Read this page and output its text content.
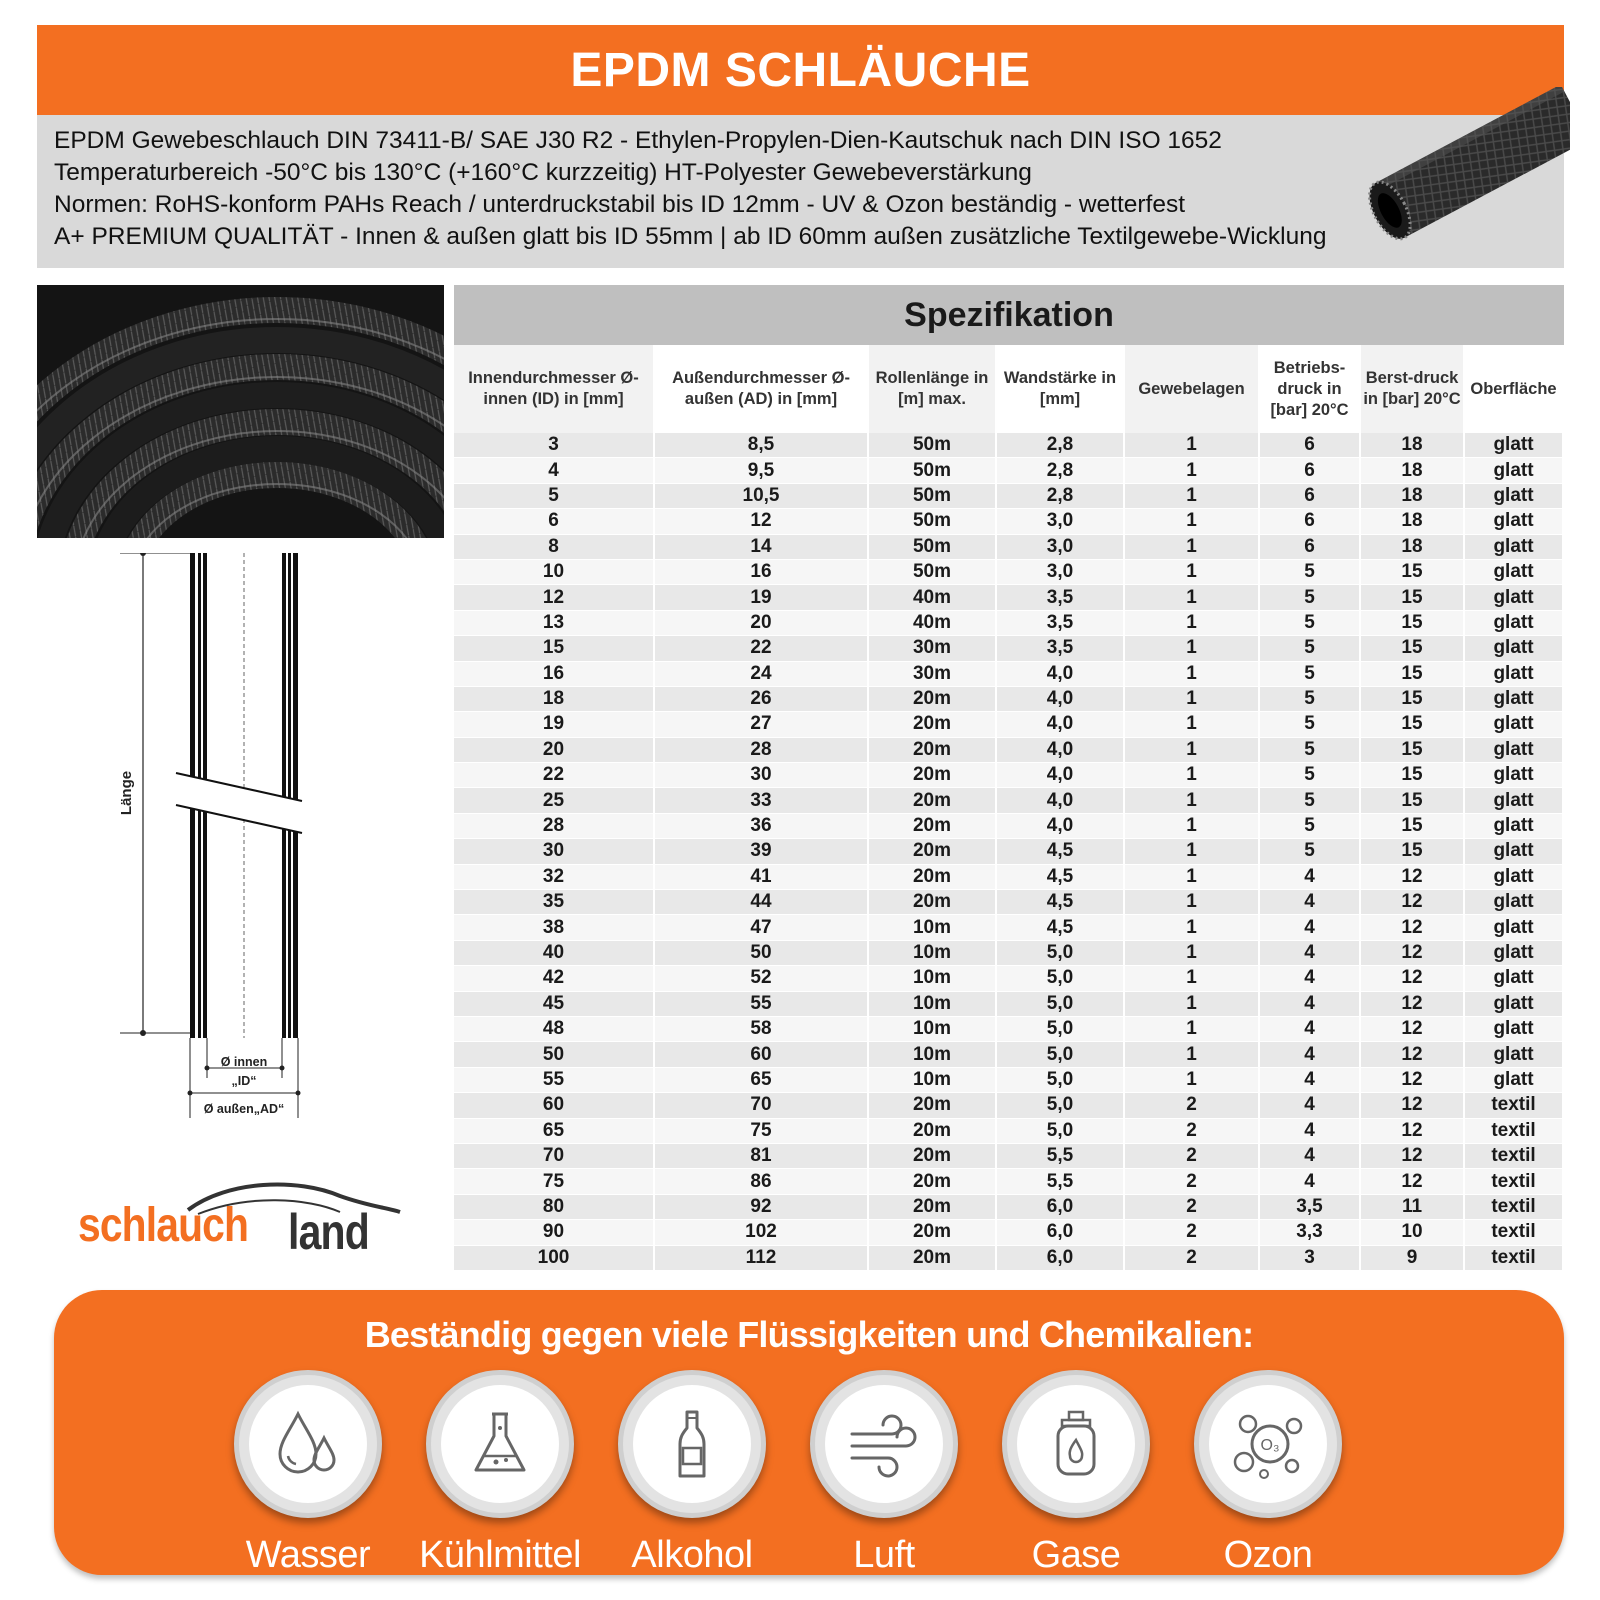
EPDM SCHLÄUCHE

EPDM Gewebeschlauch DIN 73411-B/ SAE J30 R2 - Ethylen-Propylen-Dien-Kautschuk nach DIN ISO 1652

Temperaturbereich -50°C bis 130°C (+160°C kurzzeitig) HT-Polyester Gewebeverstärkung

Normen: RoHS-konform PAHs Reach / unterdruckstabil bis ID 12mm - UV & Ozon beständig - wetterfest

A+ PREMIUM QUALITÄT - Innen & außen glatt bis ID 55mm | ab ID 60mm außen zusätzliche Textilgewebe-Wicklung

Länge
Ø innen
„ID“
Ø außen„AD“
schlauch land
Spezifikation
Innendurchmesser Ø-innen (ID) in [mm]	Außendurchmesser Ø-außen (AD) in [mm]	Rollenlänge in [m] max.	Wandstärke in [mm]	Gewebelagen	Betriebs-druck in [bar] 20°C	Berst-druck in [bar] 20°C	Oberfläche
3	8,5	50m	2,8	1	6	18	glatt
4	9,5	50m	2,8	1	6	18	glatt
5	10,5	50m	2,8	1	6	18	glatt
6	12	50m	3,0	1	6	18	glatt
8	14	50m	3,0	1	6	18	glatt
10	16	50m	3,0	1	5	15	glatt
12	19	40m	3,5	1	5	15	glatt
13	20	40m	3,5	1	5	15	glatt
15	22	30m	3,5	1	5	15	glatt
16	24	30m	4,0	1	5	15	glatt
18	26	20m	4,0	1	5	15	glatt
19	27	20m	4,0	1	5	15	glatt
20	28	20m	4,0	1	5	15	glatt
22	30	20m	4,0	1	5	15	glatt
25	33	20m	4,0	1	5	15	glatt
28	36	20m	4,0	1	5	15	glatt
30	39	20m	4,5	1	5	15	glatt
32	41	20m	4,5	1	4	12	glatt
35	44	20m	4,5	1	4	12	glatt
38	47	10m	4,5	1	4	12	glatt
40	50	10m	5,0	1	4	12	glatt
42	52	10m	5,0	1	4	12	glatt
45	55	10m	5,0	1	4	12	glatt
48	58	10m	5,0	1	4	12	glatt
50	60	10m	5,0	1	4	12	glatt
55	65	10m	5,0	1	4	12	glatt
60	70	20m	5,0	2	4	12	textil
65	75	20m	5,0	2	4	12	textil
70	81	20m	5,5	2	4	12	textil
75	86	20m	5,5	2	4	12	textil
80	92	20m	6,0	2	3,5	11	textil
90	102	20m	6,0	2	3,3	10	textil
100	112	20m	6,0	2	3	9	textil
Beständig gegen viele Flüssigkeiten und Chemikalien:
Wasser	Kühlmittel	Alkohol	Luft	Gase
O₃
Ozon
